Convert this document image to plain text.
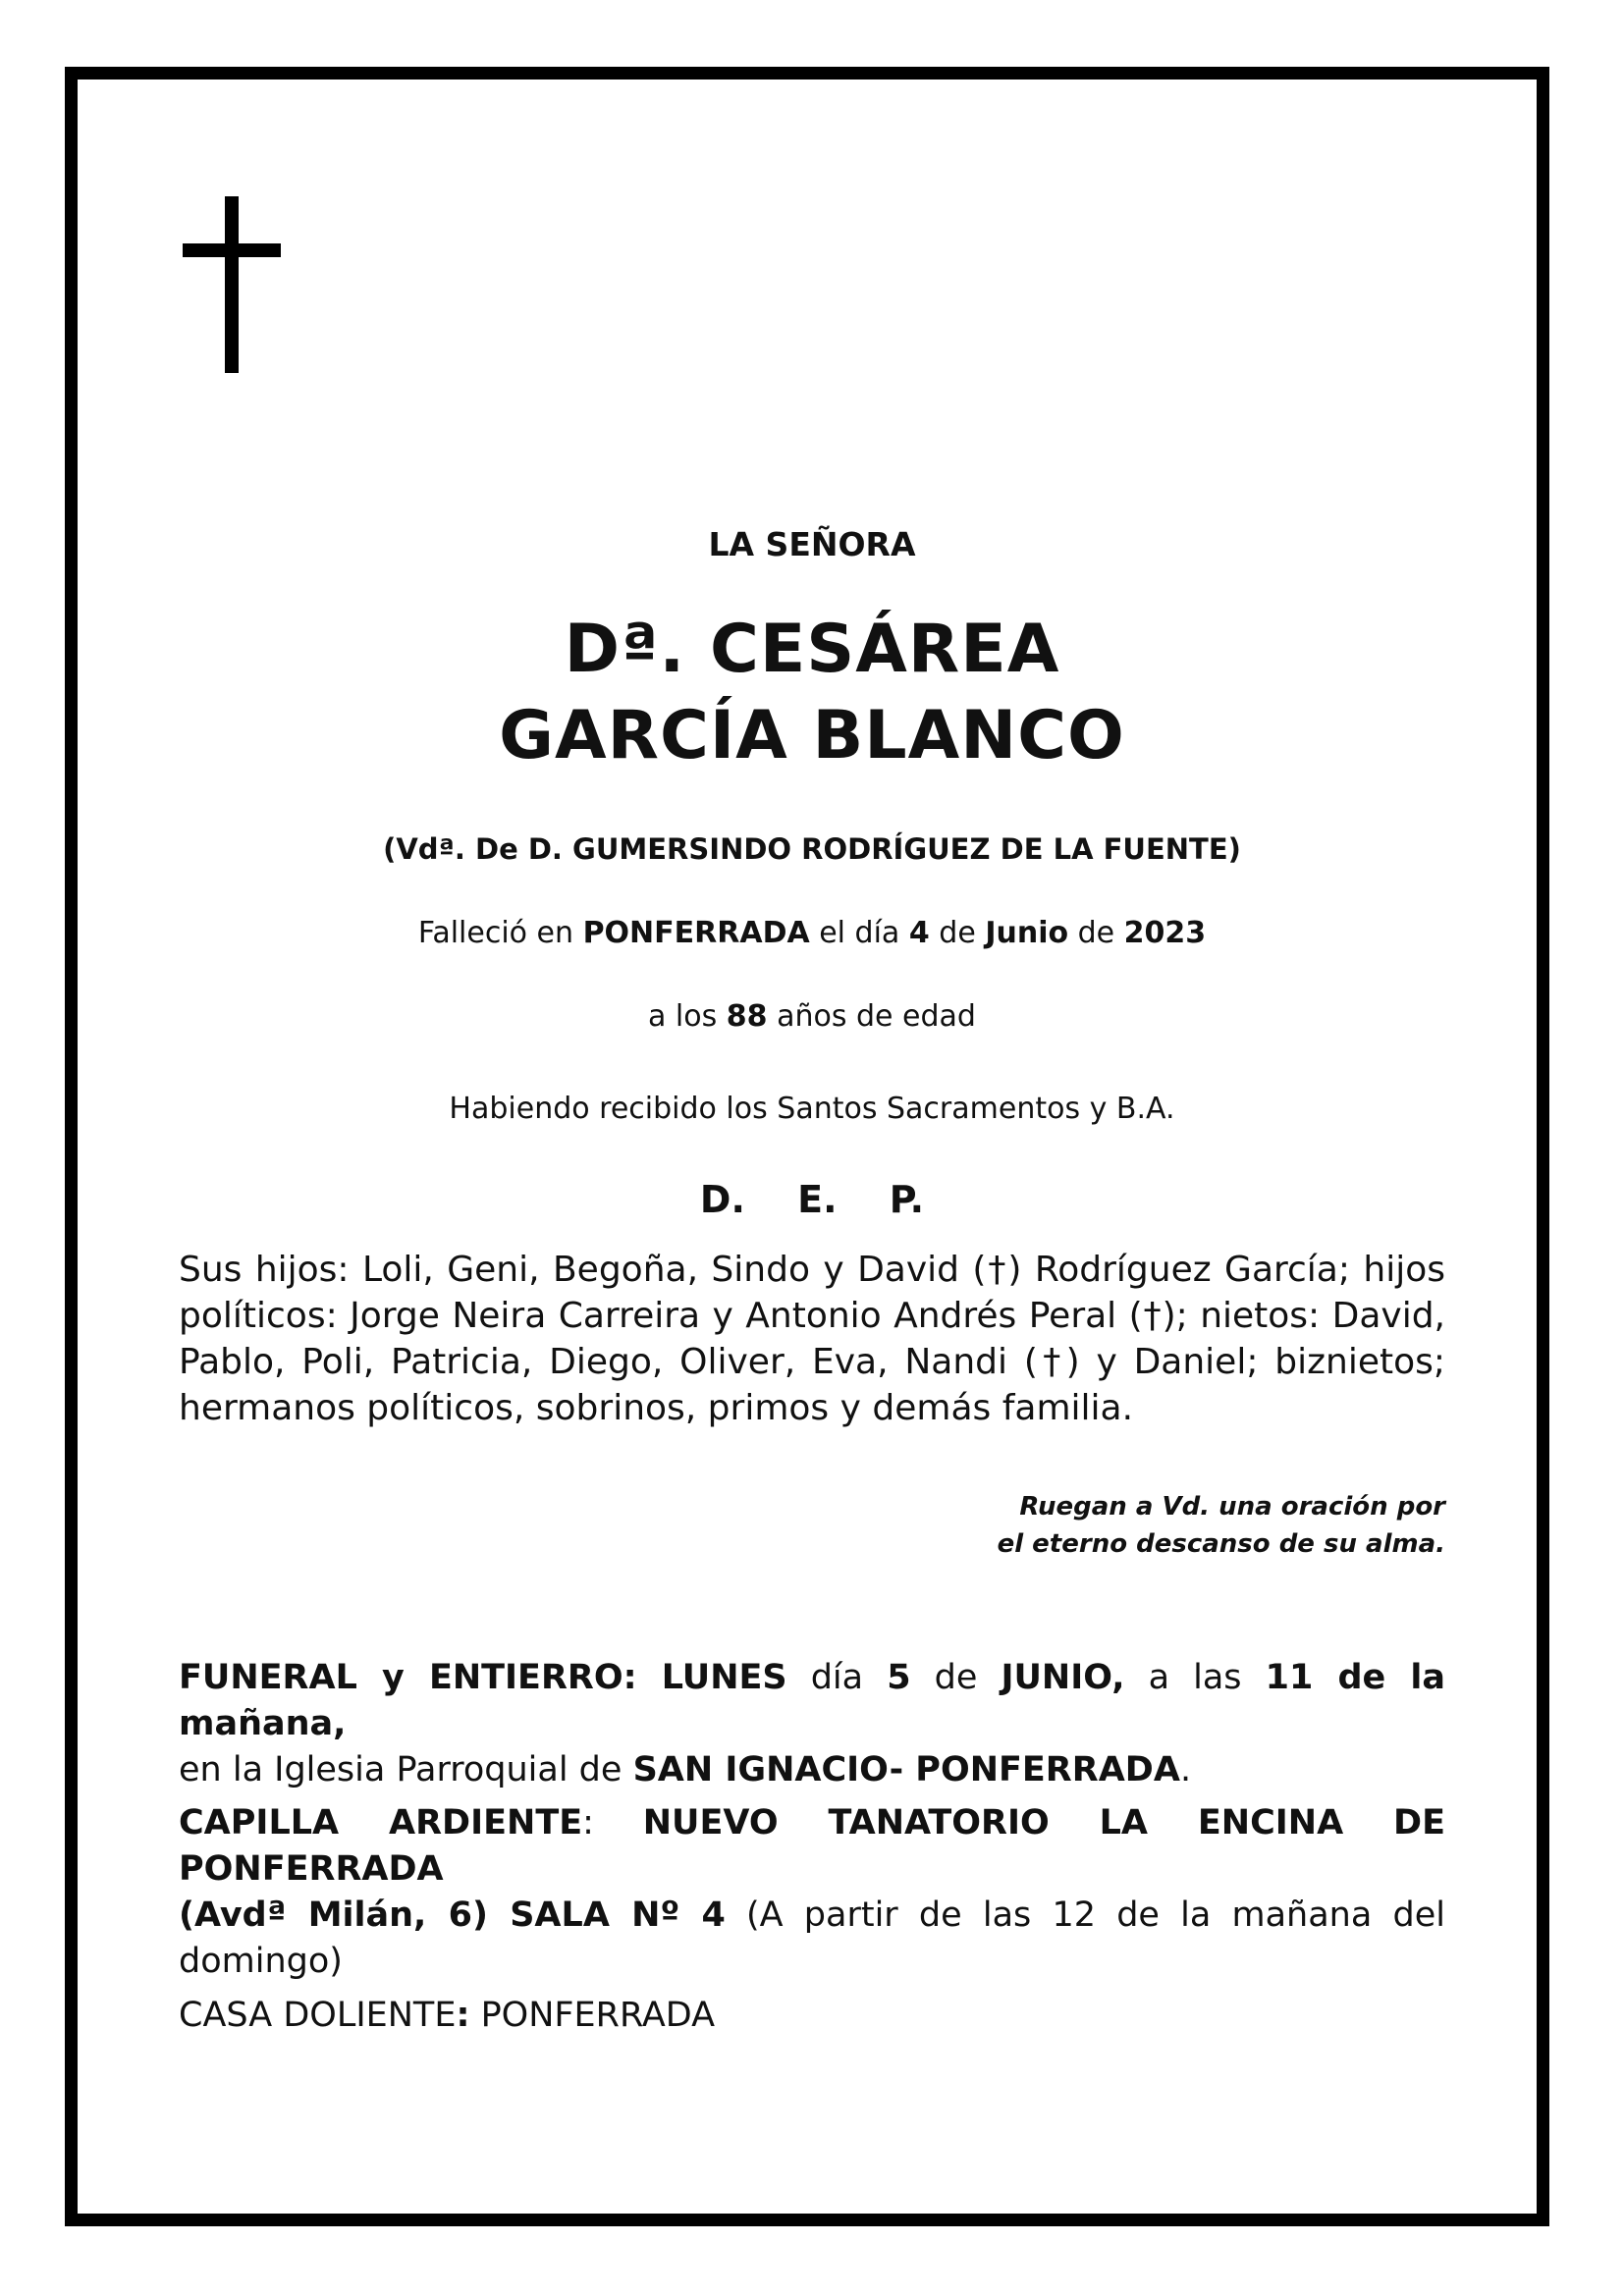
LA SEÑORA
Dª. CESÁREA
GARCÍA BLANCO
(Vdª. De D. GUMERSINDO RODRÍGUEZ DE LA FUENTE)
Falleció en PONFERRADA el día 4 de Junio de 2023
a los 88 años de edad
Habiendo recibido los Santos Sacramentos y B.A.
D. E. P.
Sus hijos: Loli, Geni, Begoña, Sindo y David (†) Rodríguez García; hijos políticos: Jorge Neira Carreira y Antonio Andrés Peral (†); nietos: David, Pablo, Poli, Patricia, Diego, Oliver, Eva, Nandi (†) y Daniel; biznietos; hermanos políticos, sobrinos, primos y demás familia.
Ruegan a Vd. una oración por
el eterno descanso de su alma.
FUNERAL y ENTIERRO: LUNES día 5 de JUNIO, a las 11 de la mañana,
en la Iglesia Parroquial de SAN IGNACIO- PONFERRADA.
CAPILLA ARDIENTE: NUEVO TANATORIO LA ENCINA DE PONFERRADA
(Avdª Milán, 6) SALA Nº 4 (A partir de las 12 de la mañana del domingo)
CASA DOLIENTE: PONFERRADA
